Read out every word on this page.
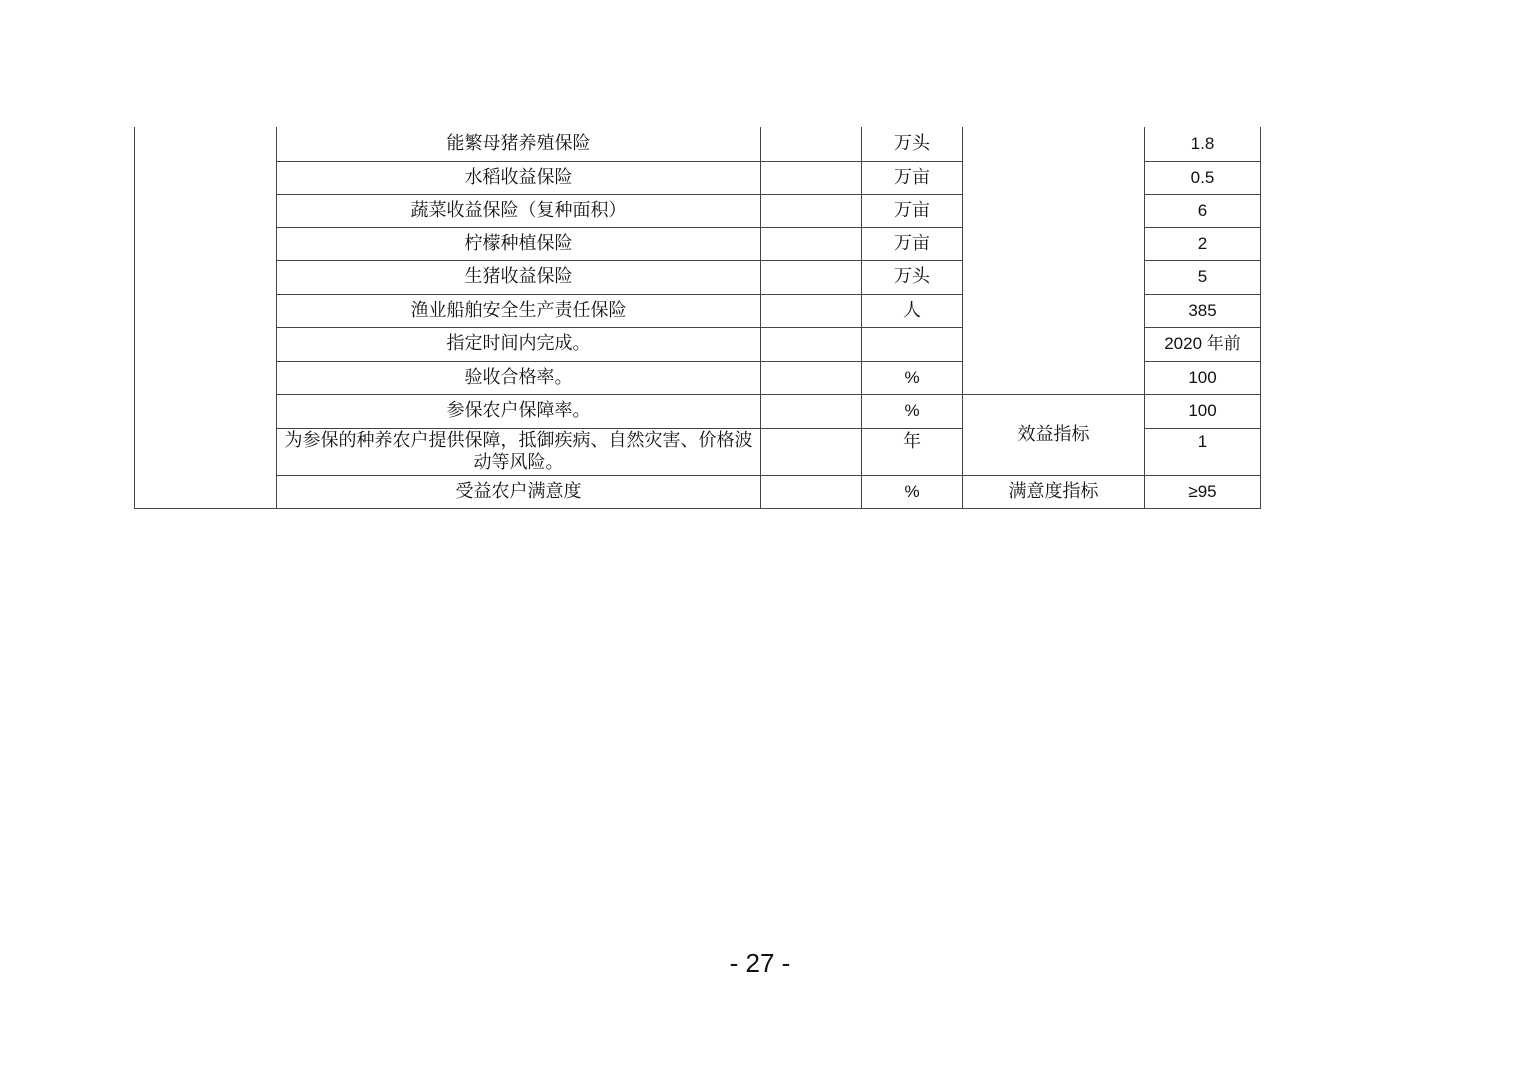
	能繁母猪养殖保险		万头		1.8
	水稻收益保险		万亩		0.5
	蔬菜收益保险（复种面积）		万亩		6
	柠檬种植保险		万亩		2
	生猪收益保险		万头		5
	渔业船舶安全生产责任保险		人		385
	指定时间内完成。				2020 年前
	验收合格率。		%		100
	参保农户保障率。		%	效益指标	100
	为参保的种养农户提供保障，抵御疾病、自然灾害、价格波动等风险。		年		1
	受益农户满意度		%	满意度指标	≥95
- 27 -
